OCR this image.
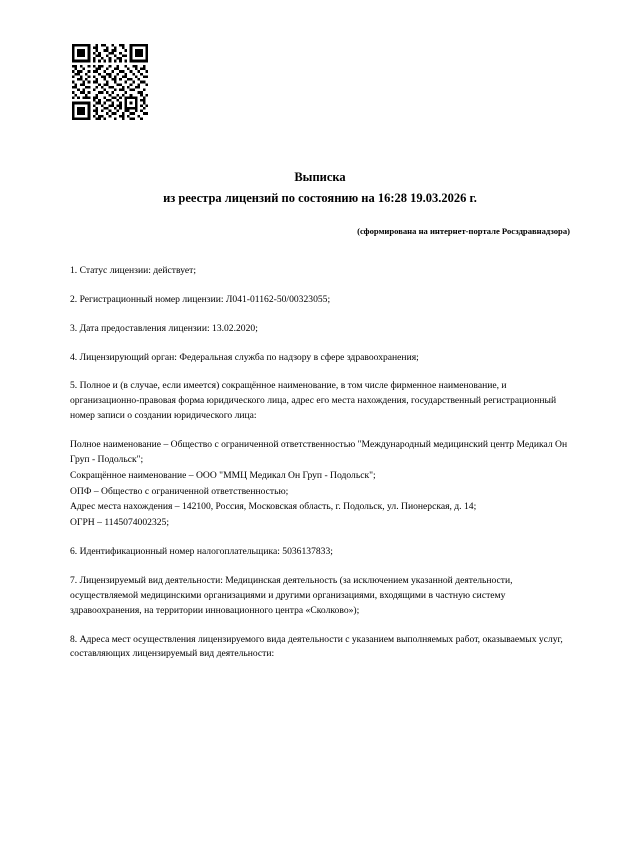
Выписка
из реестра лицензий по состоянию на 16:28 19.03.2026 г.
(сформирована на интернет-портале Росздравнадзора)

1. Статус лицензии: действует;

2. Регистрационный номер лицензии: Л041-01162-50/00323055;

3. Дата предоставления лицензии: 13.02.2020;

4. Лицензирующий орган: Федеральная служба по надзору в сфере здравоохранения;

5. Полное и (в случае, если имеется) сокращённое наименование, в том числе фирменное наименование, и организационно-правовая форма юридического лица, адрес его места нахождения, государственный регистрационный номер записи о создании юридического лица:

Полное наименование – Общество с ограниченной ответственностью "Международный медицинский центр Медикал Он Груп - Подольск";

Сокращённое наименование – ООО "ММЦ Медикал Он Груп - Подольск";

ОПФ – Общество с ограниченной ответственностью;

Адрес места нахождения – 142100, Россия, Московская область, г. Подольск, ул. Пионерская, д. 14;

ОГРН – 1145074002325;

6. Идентификационный номер налогоплательщика: 5036137833;

7. Лицензируемый вид деятельности: Медицинская деятельность (за исключением указанной деятельности, осуществляемой медицинскими организациями и другими организациями, входящими в частную систему здравоохранения, на территории инновационного центра «Сколково»);

8. Адреса мест осуществления лицензируемого вида деятельности с указанием выполняемых работ, оказываемых услуг, составляющих лицензируемый вид деятельности:
